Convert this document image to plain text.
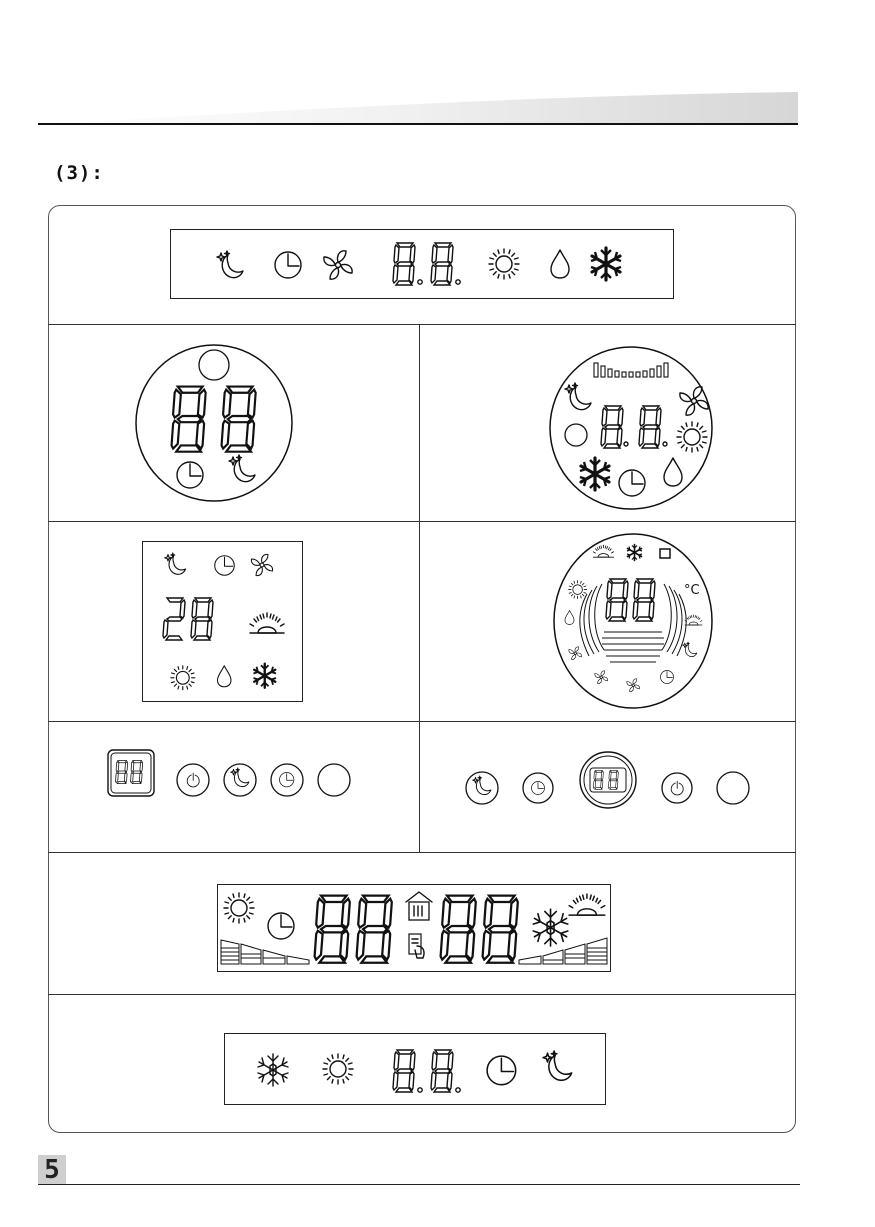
(3):
8.8.
°C
5
